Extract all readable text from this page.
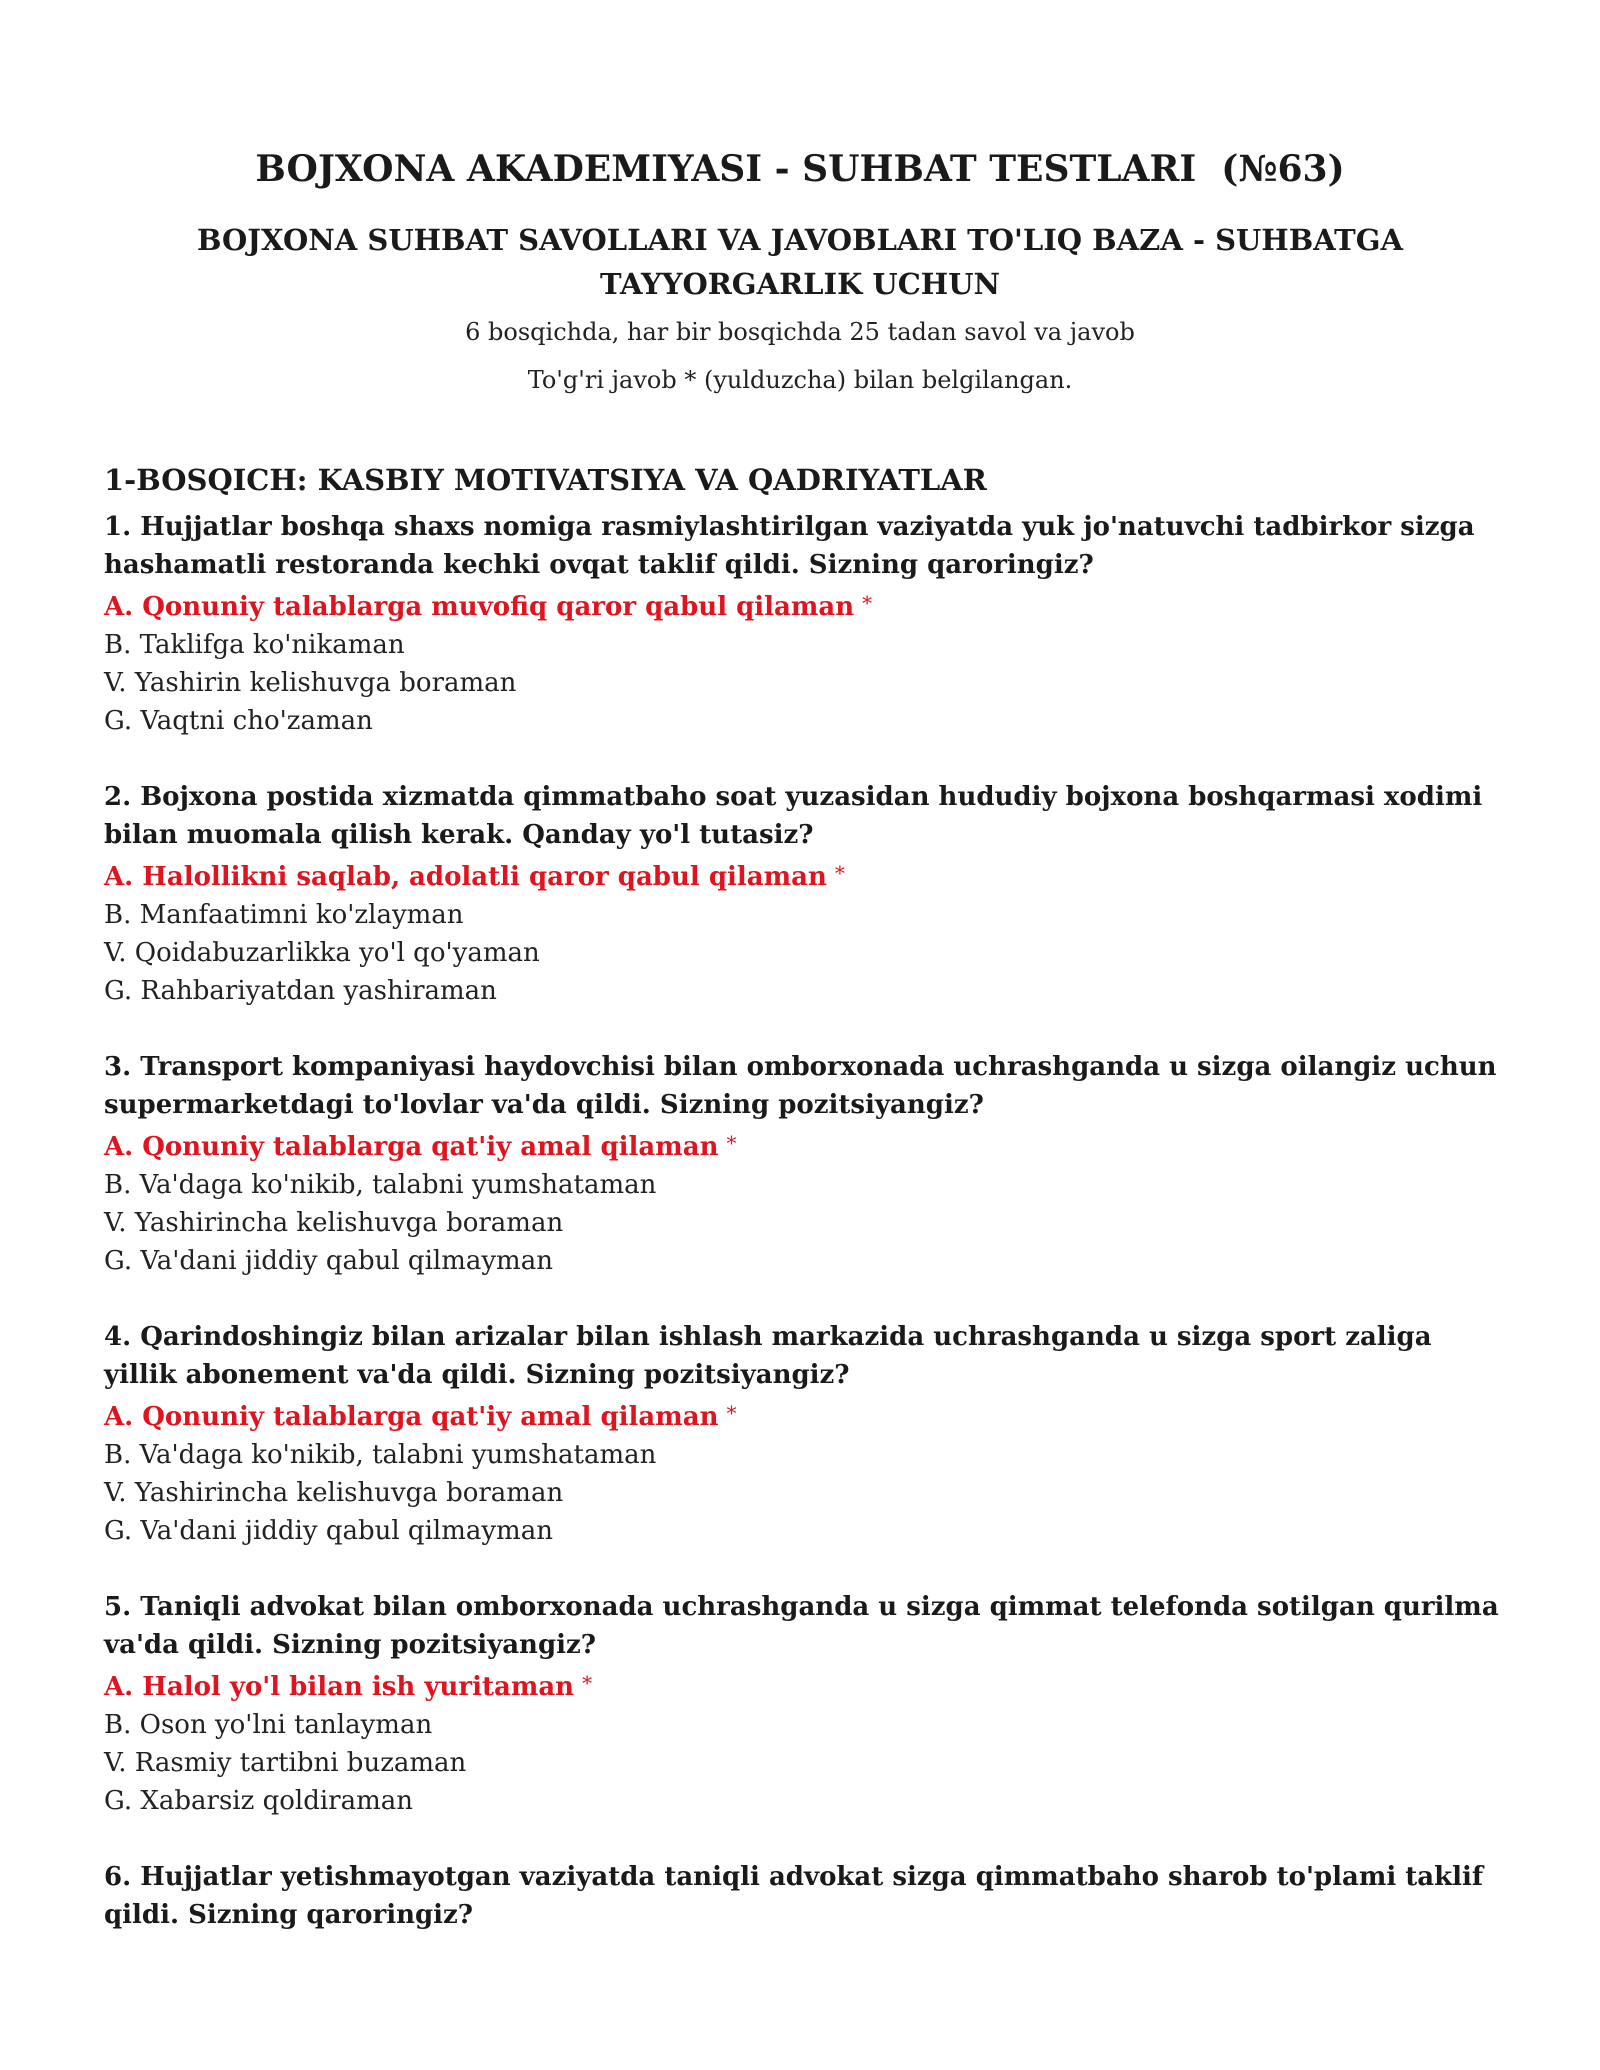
BOJXONA AKADEMIYASI - SUHBAT TESTLARI  (№63)
BOJXONA SUHBAT SAVOLLARI VA JAVOBLARI TO'LIQ BAZA - SUHBATGA TAYYORGARLIK UCHUN
6 bosqichda, har bir bosqichda 25 tadan savol va javob
To'g'ri javob * (yulduzcha) bilan belgilangan.
1-BOSQICH: KASBIY MOTIVATSIYA VA QADRIYATLAR
1. Hujjatlar boshqa shaxs nomiga rasmiylashtirilgan vaziyatda yuk jo'natuvchi tadbirkor sizga hashamatli restoranda kechki ovqat taklif qildi. Sizning qaroringiz?
A. Qonuniy talablarga muvofiq qaror qabul qilaman *
B. Taklifga ko'nikaman
V. Yashirin kelishuvga boraman
G. Vaqtni cho'zaman
2. Bojxona postida xizmatda qimmatbaho soat yuzasidan hududiy bojxona boshqarmasi xodimi bilan muomala qilish kerak. Qanday yo'l tutasiz?
A. Halollikni saqlab, adolatli qaror qabul qilaman *
B. Manfaatimni ko'zlayman
V. Qoidabuzarlikka yo'l qo'yaman
G. Rahbariyatdan yashiraman
3. Transport kompaniyasi haydovchisi bilan omborxonada uchrashganda u sizga oilangiz uchun supermarketdagi to'lovlar va'da qildi. Sizning pozitsiyangiz?
A. Qonuniy talablarga qat'iy amal qilaman *
B. Va'daga ko'nikib, talabni yumshataman
V. Yashirincha kelishuvga boraman
G. Va'dani jiddiy qabul qilmayman
4. Qarindoshingiz bilan arizalar bilan ishlash markazida uchrashganda u sizga sport zaliga yillik abonement va'da qildi. Sizning pozitsiyangiz?
A. Qonuniy talablarga qat'iy amal qilaman *
B. Va'daga ko'nikib, talabni yumshataman
V. Yashirincha kelishuvga boraman
G. Va'dani jiddiy qabul qilmayman
5. Taniqli advokat bilan omborxonada uchrashganda u sizga qimmat telefonda sotilgan qurilma va'da qildi. Sizning pozitsiyangiz?
A. Halol yo'l bilan ish yuritaman *
B. Oson yo'lni tanlayman
V. Rasmiy tartibni buzaman
G. Xabarsiz qoldiraman
6. Hujjatlar yetishmayotgan vaziyatda taniqli advokat sizga qimmatbaho sharob to'plami taklif qildi. Sizning qaroringiz?
